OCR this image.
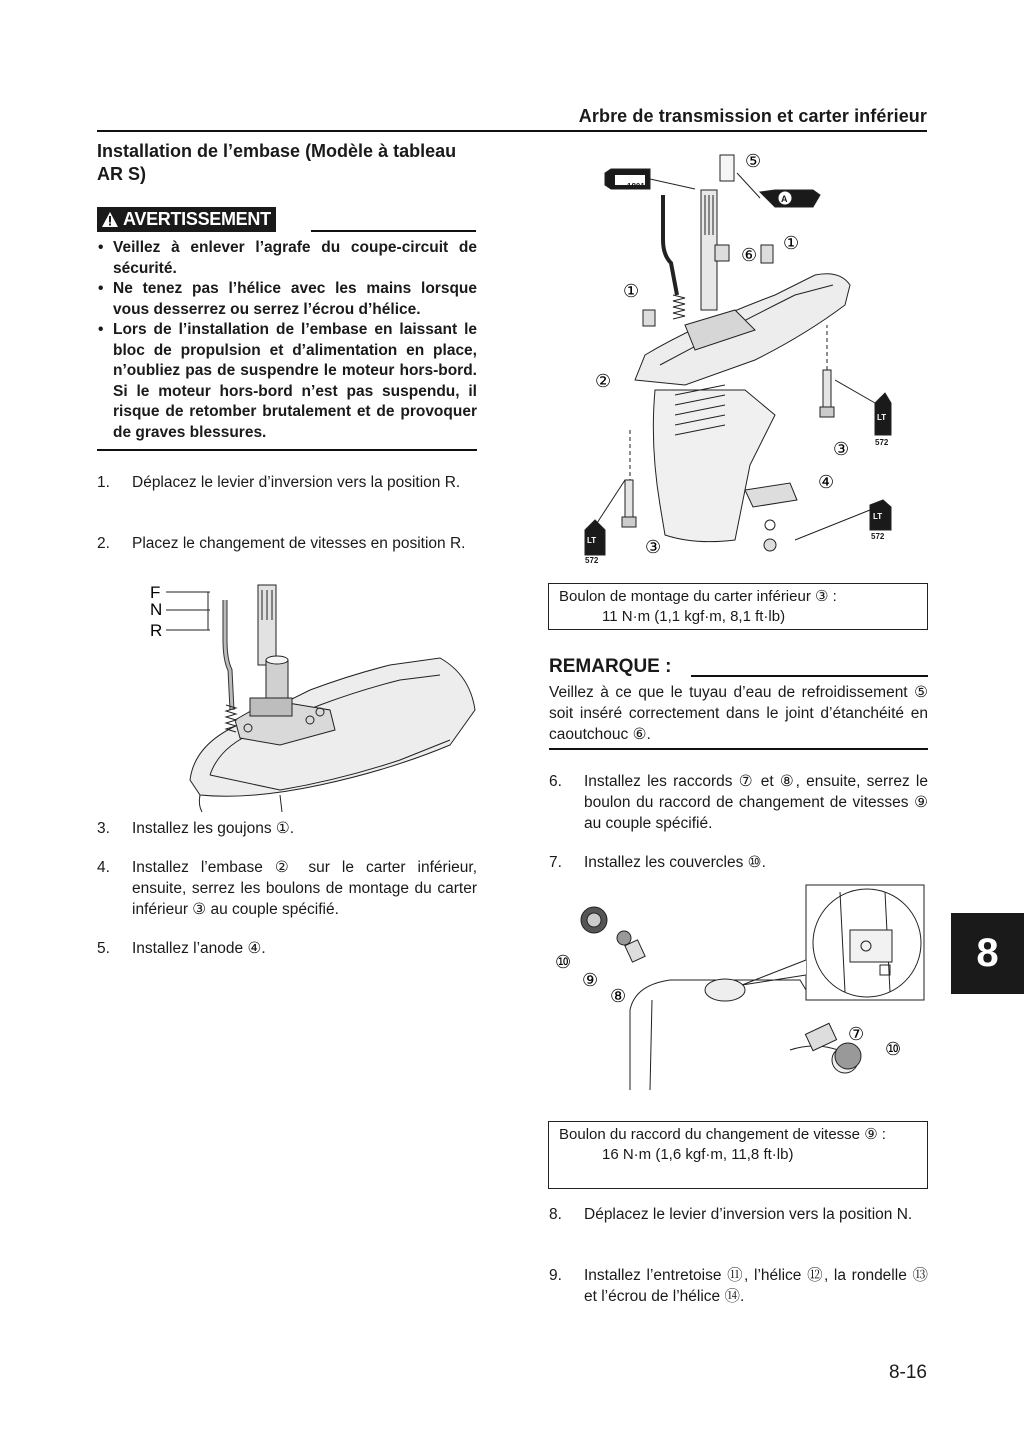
Arbre de transmission et carter inférieur
Installation de l’embase (Modèle à tableau AR S)
AVERTISSEMENT
• Veillez à enlever l’agrafe du coupe-circuit de sécurité.
• Ne tenez pas l’hélice avec les mains lorsque vous desserrez ou serrez l’écrou d’hélice.
• Lors de l’installation de l’embase en laissant le bloc de propulsion et d’alimentation en place, n’oubliez pas de suspendre le moteur hors-bord. Si le moteur hors-bord n’est pas suspendu, il risque de retomber brutalement et de provoquer de graves blessures.
1.	Déplacez le levier d’inversion vers la position R.
2.	Placez le changement de vitesses en position R.
F
N
R
3.	Installez les goujons ①.
4.	Installez l’embase ② sur le carter inférieur, ensuite, serrez les boulons de montage du carter inférieur ③ au couple spécifié.
5.	Installez l’anode ④.
⑤
⑥
①
①
②
③
④
③
1801
A
LT
572
LT
572
LT
572
Boulon de montage du carter inférieur ③ :
11 N·m (1,1 kgf·m, 8,1 ft·lb)
REMARQUE :
Veillez à ce que le tuyau d’eau de refroidissement ⑤ soit inséré correctement dans le joint d’étanchéité en caoutchouc ⑥.
6.	Installez les raccords ⑦ et ⑧, ensuite, serrez le boulon du raccord de changement de vitesses ⑨ au couple spécifié.
7.	Installez les couvercles ⑩.
⑩
⑨
⑧
⑦
⑩
Boulon du raccord du changement de vitesse ⑨ :
16 N·m (1,6 kgf·m, 11,8 ft·lb)
8.	Déplacez le levier d’inversion vers la position N.
9.	Installez l’entretoise ⑪, l’hélice ⑫, la rondelle ⑬ et l’écrou de l’hélice ⑭.
8
8-16
